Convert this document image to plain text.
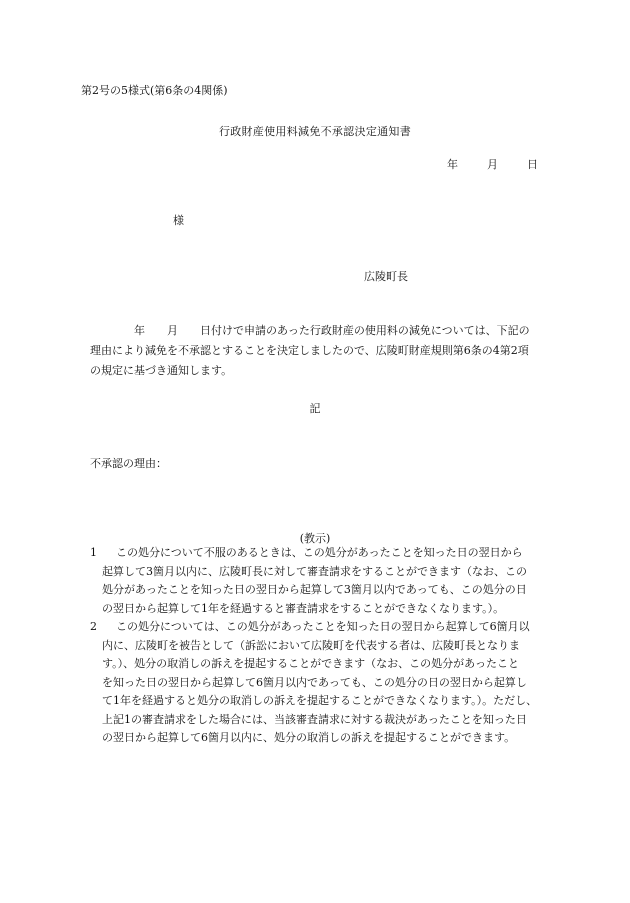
第2号の5様式(第6条の4関係)
行政財産使用料減免不承認決定通知書
年	月	日
様
広陵町長
　　　　年　　月　　日付けで申請のあった行政財産の使用料の減免については、下記の
理由により減免を不承認とすることを決定しましたので、広陵町財産規則第6条の4第2項
の規定に基づき通知します。
記
不承認の理由：
(教示)
1	この処分について不服のあるときは、この処分があったことを知った日の翌日から
起算して3箇月以内に、広陵町長に対して審査請求をすることができます（なお、この
処分があったことを知った日の翌日から起算して3箇月以内であっても、この処分の日
の翌日から起算して1年を経過すると審査請求をすることができなくなります。）。
2	この処分については、この処分があったことを知った日の翌日から起算して6箇月以
内に、広陵町を被告として（訴訟において広陵町を代表する者は、広陵町長となりま
す。）、処分の取消しの訴えを提起することができます（なお、この処分があったこと
を知った日の翌日から起算して6箇月以内であっても、この処分の日の翌日から起算し
て1年を経過すると処分の取消しの訴えを提起することができなくなります。）。ただし、
上記1の審査請求をした場合には、当該審査請求に対する裁決があったことを知った日
の翌日から起算して6箇月以内に、処分の取消しの訴えを提起することができます。
